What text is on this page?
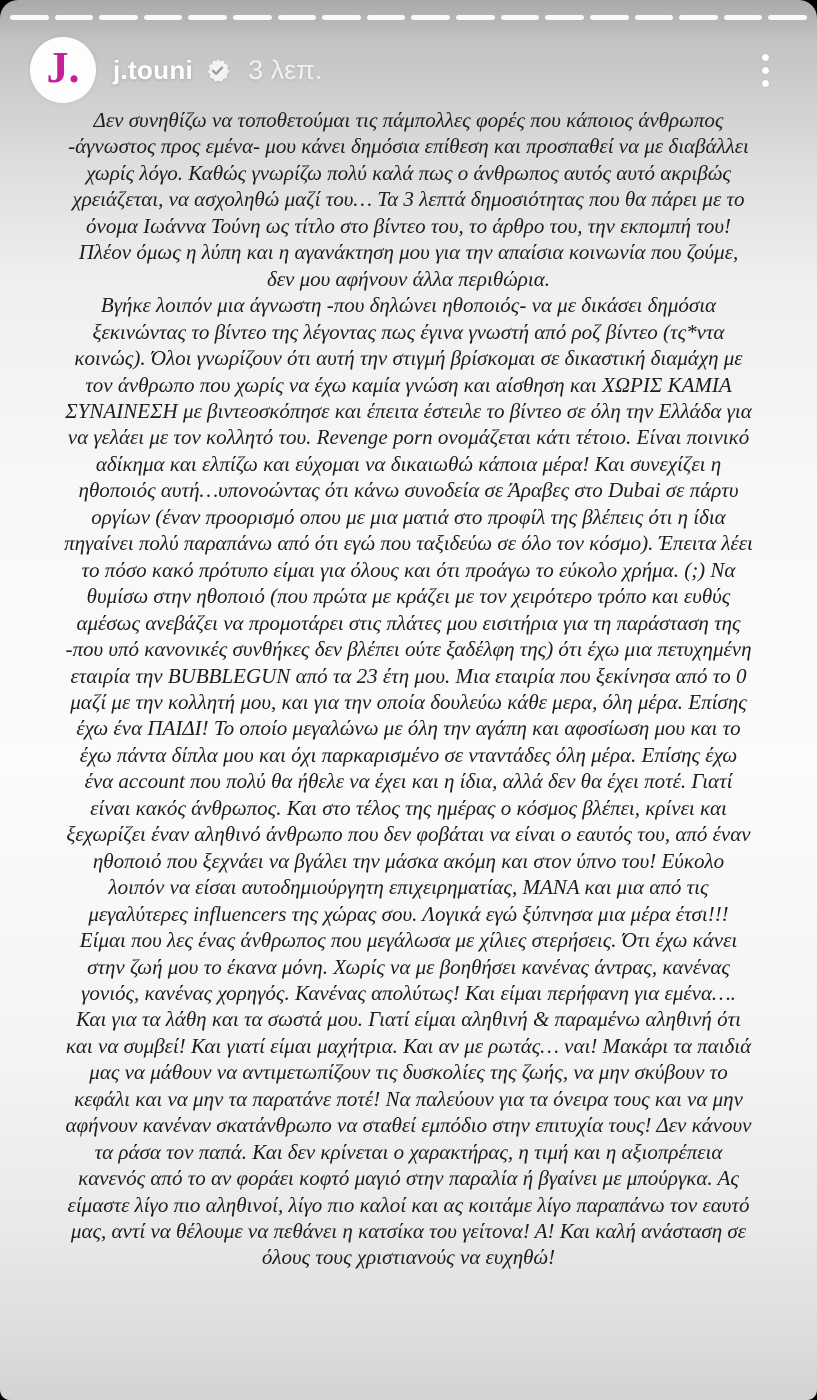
J. j.touni 3 λεπ.
Δεν συνηθίζω να τοποθετούμαι τις πάμπολλες φορές που κάποιος άνθρωπος
-άγνωστος προς εμένα- μου κάνει δημόσια επίθεση και προσπαθεί να με διαβάλλει
χωρίς λόγο. Καθώς γνωρίζω πολύ καλά πως ο άνθρωπος αυτός αυτό ακριβώς
χρειάζεται, να ασχοληθώ μαζί του… Τα 3 λεπτά δημοσιότητας που θα πάρει με το
όνομα Ιωάννα Τούνη ως τίτλο στο βίντεο του, το άρθρο του, την εκπομπή του!
Πλέον όμως η λύπη και η αγανάκτηση μου για την απαίσια κοινωνία που ζούμε,
δεν μου αφήνουν άλλα περιθώρια.
Βγήκε λοιπόν μια άγνωστη -που δηλώνει ηθοποιός- να με δικάσει δημόσια
ξεκινώντας το βίντεο της λέγοντας πως έγινα γνωστή από ροζ βίντεο (τς*ντα
κοινώς). Όλοι γνωρίζουν ότι αυτή την στιγμή βρίσκομαι σε δικαστική διαμάχη με
τον άνθρωπο που χωρίς να έχω καμία γνώση και αίσθηση και ΧΩΡΙΣ ΚΑΜΙΑ
ΣΥΝΑΙΝΕΣΗ με βιντεοσκόπησε και έπειτα έστειλε το βίντεο σε όλη την Ελλάδα για
να γελάει με τον κολλητό του. Revenge porn ονομάζεται κάτι τέτοιο. Είναι ποινικό
αδίκημα και ελπίζω και εύχομαι να δικαιωθώ κάποια μέρα! Και συνεχίζει η
ηθοποιός αυτή…υπονοώντας ότι κάνω συνοδεία σε Άραβες στο Dubai σε πάρτυ
οργίων (έναν προορισμό οπου με μια ματιά στο προφίλ της βλέπεις ότι η ίδια
πηγαίνει πολύ παραπάνω από ότι εγώ που ταξιδεύω σε όλο τον κόσμο). Έπειτα λέει
το πόσο κακό πρότυπο είμαι για όλους και ότι προάγω το εύκολο χρήμα. (;) Να
θυμίσω στην ηθοποιό (που πρώτα με κράζει με τον χειρότερο τρόπο και ευθύς
αμέσως ανεβάζει να προμοτάρει στις πλάτες μου εισιτήρια για τη παράσταση της
-που υπό κανονικές συνθήκες δεν βλέπει ούτε ξαδέλφη της) ότι έχω μια πετυχημένη
εταιρία την BUBBLEGUN από τα 23 έτη μου. Μια εταιρία που ξεκίνησα από το 0
μαζί με την κολλητή μου, και για την οποία δουλεύω κάθε μερα, όλη μέρα. Επίσης
έχω ένα ΠΑΙΔΙ! Το οποίο μεγαλώνω με όλη την αγάπη και αφοσίωση μου και το
έχω πάντα δίπλα μου και όχι παρκαρισμένο σε νταντάδες όλη μέρα. Επίσης έχω
ένα account που πολύ θα ήθελε να έχει και η ίδια, αλλά δεν θα έχει ποτέ. Γιατί
είναι κακός άνθρωπος. Και στο τέλος της ημέρας ο κόσμος βλέπει, κρίνει και
ξεχωρίζει έναν αληθινό άνθρωπο που δεν φοβάται να είναι ο εαυτός του, από έναν
ηθοποιό που ξεχνάει να βγάλει την μάσκα ακόμη και στον ύπνο του! Εύκολο
λοιπόν να είσαι αυτοδημιούργητη επιχειρηματίας, ΜΑΝΑ και μια από τις
μεγαλύτερες influencers της χώρας σου. Λογικά εγώ ξύπνησα μια μέρα έτσι!!!
Είμαι που λες ένας άνθρωπος που μεγάλωσα με χίλιες στερήσεις. Ότι έχω κάνει
στην ζωή μου το έκανα μόνη. Χωρίς να με βοηθήσει κανένας άντρας, κανένας
γονιός, κανένας χορηγός. Κανένας απολύτως! Και είμαι περήφανη για εμένα….
Και για τα λάθη και τα σωστά μου. Γιατί είμαι αληθινή & παραμένω αληθινή ότι
και να συμβεί! Και γιατί είμαι μαχήτρια. Και αν με ρωτάς… ναι! Μακάρι τα παιδιά
μας να μάθουν να αντιμετωπίζουν τις δυσκολίες της ζωής, να μην σκύβουν το
κεφάλι και να μην τα παρατάνε ποτέ! Να παλεύουν για τα όνειρα τους και να μην
αφήνουν κανέναν σκατάνθρωπο να σταθεί εμπόδιο στην επιτυχία τους! Δεν κάνουν
τα ράσα τον παπά. Και δεν κρίνεται ο χαρακτήρας, η τιμή και η αξιοπρέπεια
κανενός από το αν φοράει κοφτό μαγιό στην παραλία ή βγαίνει με μπούργκα. Ας
είμαστε λίγο πιο αληθινοί, λίγο πιο καλοί και ας κοιτάμε λίγο παραπάνω τον εαυτό
μας, αντί να θέλουμε να πεθάνει η κατσίκα του γείτονα! Α! Και καλή ανάσταση σε
όλους τους χριστιανούς να ευχηθώ!
